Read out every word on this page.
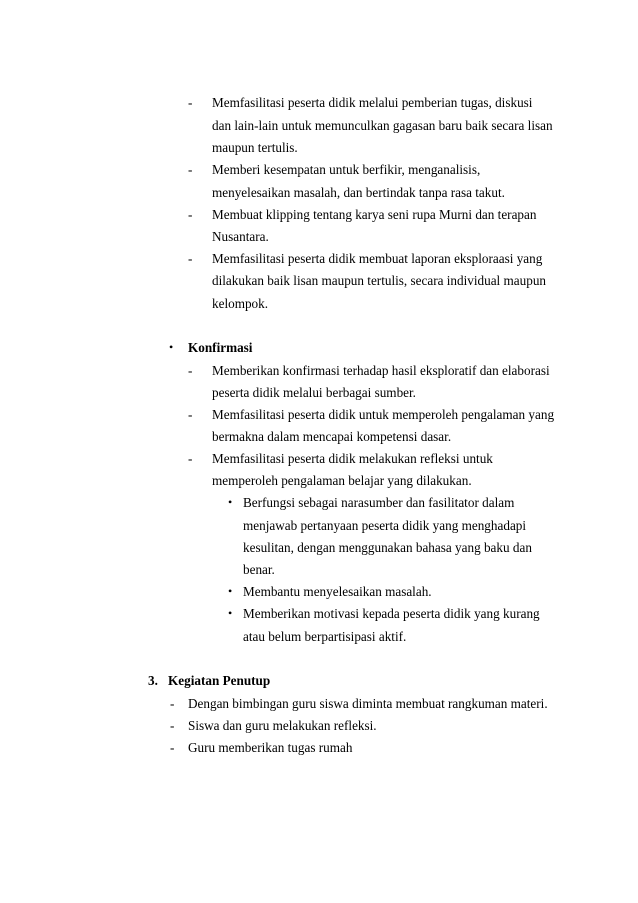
- Memfasilitasi peserta didik melalui pemberian tugas, diskusi
dan lain-lain untuk memunculkan gagasan baru baik secara lisan
maupun tertulis.
- Memberi kesempatan untuk berfikir, menganalisis,
menyelesaikan masalah, dan bertindak tanpa rasa takut.
- Membuat klipping tentang karya seni rupa Murni dan terapan
Nusantara.
- Memfasilitasi peserta didik membuat laporan eksploraasi yang
dilakukan baik lisan maupun tertulis, secara individual maupun
kelompok.
• Konfirmasi
- Memberikan konfirmasi terhadap hasil eksploratif dan elaborasi
peserta didik melalui berbagai sumber.
- Memfasilitasi peserta didik untuk memperoleh pengalaman yang
bermakna dalam mencapai kompetensi dasar.
- Memfasilitasi peserta didik melakukan refleksi untuk
memperoleh pengalaman belajar yang dilakukan.
• Berfungsi sebagai narasumber dan fasilitator dalam
menjawab pertanyaan peserta didik yang menghadapi
kesulitan, dengan menggunakan bahasa yang baku dan
benar.
• Membantu menyelesaikan masalah.
• Memberikan motivasi kepada peserta didik yang kurang
atau belum berpartisipasi aktif.
3. Kegiatan Penutup
- Dengan bimbingan guru siswa diminta membuat rangkuman materi.
- Siswa dan guru melakukan refleksi.
- Guru memberikan tugas rumah
